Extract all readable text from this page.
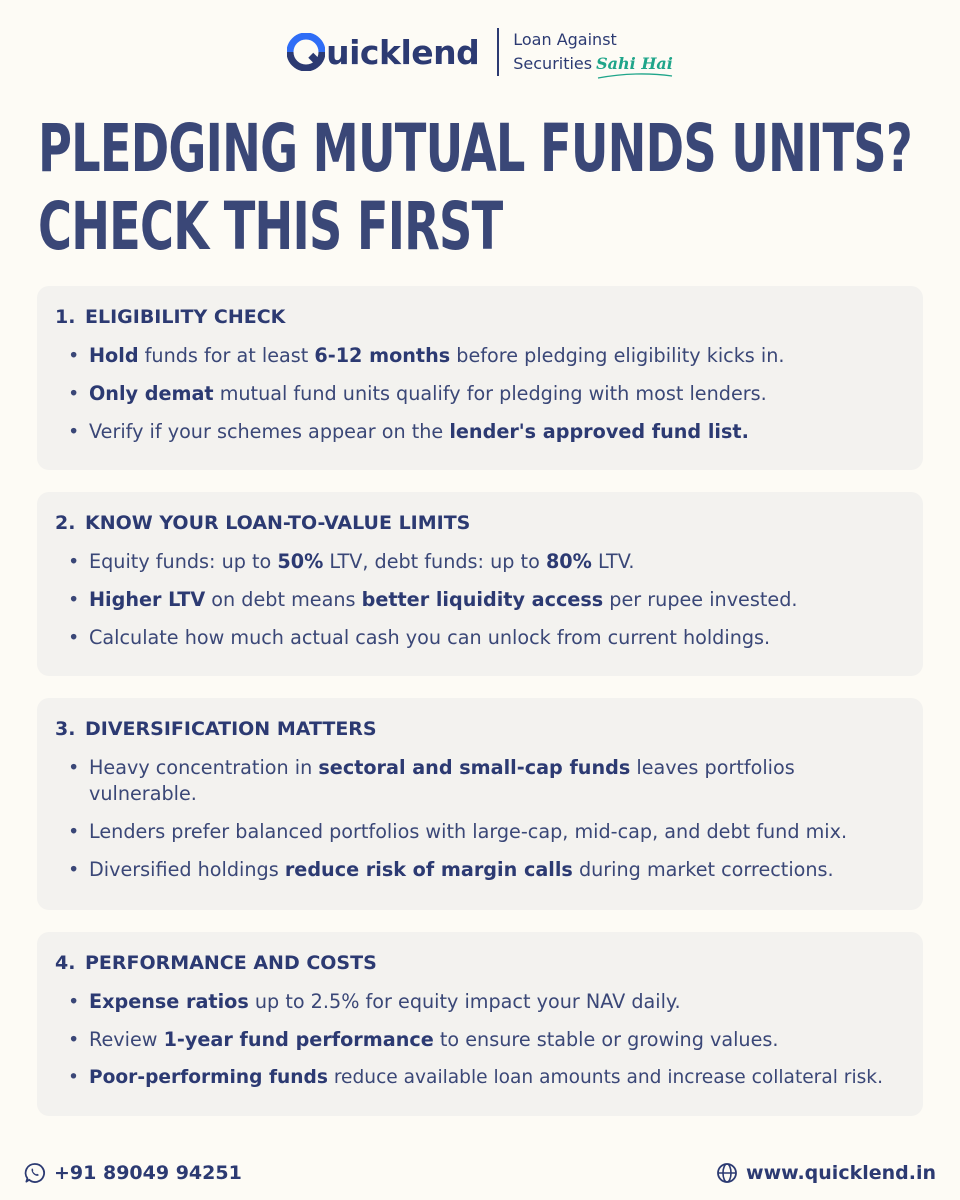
uicklend Loan Against
Securities Sahi Hai
PLEDGING MUTUAL FUNDS UNITS?
CHECK THIS FIRST
1. ELIGIBILITY CHECK
• Hold funds for at least 6-12 months before pledging eligibility kicks in.
• Only demat mutual fund units qualify for pledging with most lenders.
• Verify if your schemes appear on the lender's approved fund list.
2. KNOW YOUR LOAN-TO-VALUE LIMITS
• Equity funds: up to 50% LTV, debt funds: up to 80% LTV.
• Higher LTV on debt means better liquidity access per rupee invested.
• Calculate how much actual cash you can unlock from current holdings.
3. DIVERSIFICATION MATTERS
• Heavy concentration in sectoral and small-cap funds leaves portfolios vulnerable.
• Lenders prefer balanced portfolios with large-cap, mid-cap, and debt fund mix.
• Diversified holdings reduce risk of margin calls during market corrections.
4. PERFORMANCE AND COSTS
• Expense ratios up to 2.5% for equity impact your NAV daily.
• Review 1-year fund performance to ensure stable or growing values.
• Poor-performing funds reduce available loan amounts and increase collateral risk.
+91 89049 94251	www.quicklend.in
